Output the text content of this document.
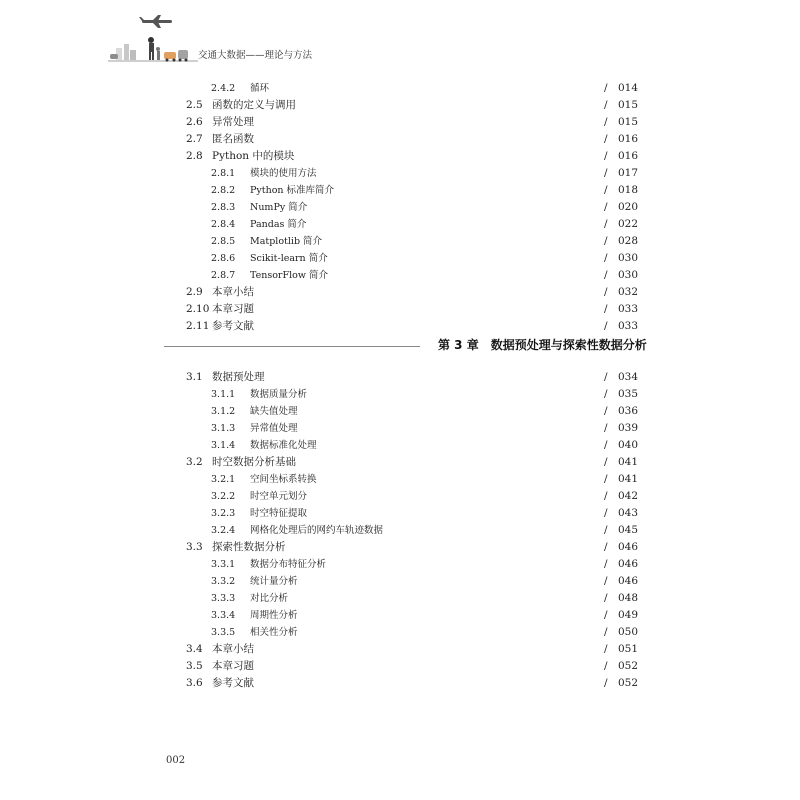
交通大数据——理论与方法
2.4.2 循环	/ 014
2.5 函数的定义与调用	/ 015
2.6 异常处理	/ 015
2.7 匿名函数	/ 016
2.8 Python 中的模块	/ 016
2.8.1 模块的使用方法	/ 017
2.8.2 Python 标准库简介	/ 018
2.8.3 NumPy 简介	/ 020
2.8.4 Pandas 简介	/ 022
2.8.5 Matplotlib 简介	/ 028
2.8.6 Scikit-learn 简介	/ 030
2.8.7 TensorFlow 简介	/ 030
2.9 本章小结	/ 032
2.10 本章习题	/ 033
2.11 参考文献	/ 033
第 3 章　数据预处理与探索性数据分析
3.1 数据预处理	/ 034
3.1.1 数据质量分析	/ 035
3.1.2 缺失值处理	/ 036
3.1.3 异常值处理	/ 039
3.1.4 数据标准化处理	/ 040
3.2 时空数据分析基础	/ 041
3.2.1 空间坐标系转换	/ 041
3.2.2 时空单元划分	/ 042
3.2.3 时空特征提取	/ 043
3.2.4 网格化处理后的网约车轨迹数据	/ 045
3.3 探索性数据分析	/ 046
3.3.1 数据分布特征分析	/ 046
3.3.2 统计量分析	/ 046
3.3.3 对比分析	/ 048
3.3.4 周期性分析	/ 049
3.3.5 相关性分析	/ 050
3.4 本章小结	/ 051
3.5 本章习题	/ 052
3.6 参考文献	/ 052
002
